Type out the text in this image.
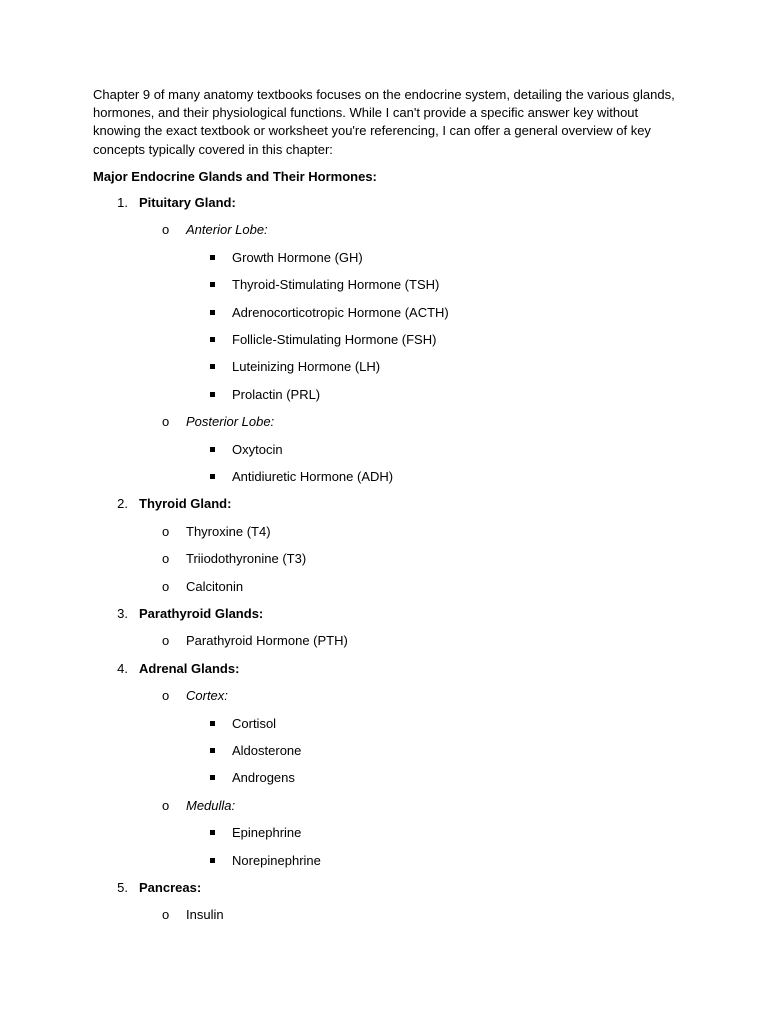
Chapter 9 of many anatomy textbooks focuses on the endocrine system, detailing the various glands, hormones, and their physiological functions. While I can't provide a specific answer key without knowing the exact textbook or worksheet you're referencing, I can offer a general overview of key concepts typically covered in this chapter:

Major Endocrine Glands and Their Hormones:
1. Pituitary Gland:
o Anterior Lobe:
Growth Hormone (GH)
Thyroid-Stimulating Hormone (TSH)
Adrenocorticotropic Hormone (ACTH)
Follicle-Stimulating Hormone (FSH)
Luteinizing Hormone (LH)
Prolactin (PRL)
o Posterior Lobe:
Oxytocin
Antidiuretic Hormone (ADH)
2. Thyroid Gland:
o Thyroxine (T4)
o Triiodothyronine (T3)
o Calcitonin
3. Parathyroid Glands:
o Parathyroid Hormone (PTH)
4. Adrenal Glands:
o Cortex:
Cortisol
Aldosterone
Androgens
o Medulla:
Epinephrine
Norepinephrine
5. Pancreas:
o Insulin
